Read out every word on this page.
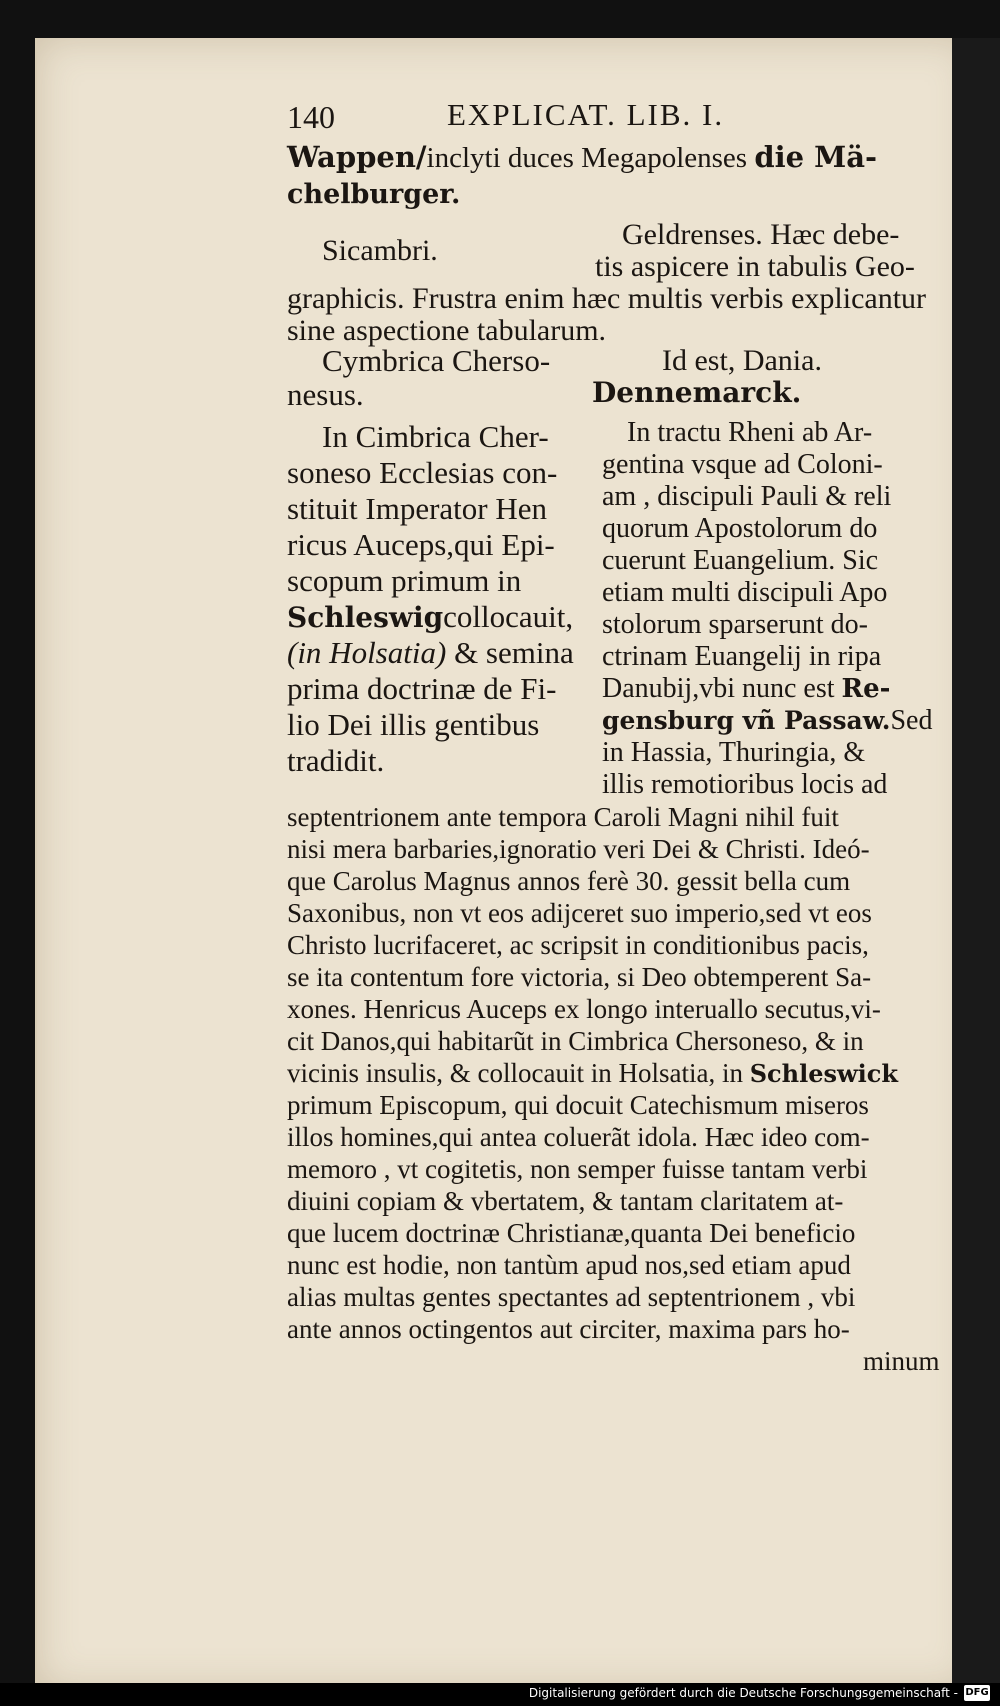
140	EXPLICAT. LIB. I.
Wappen/inclyti duces Megapolenses die Mä-
chelburger.
Sicambri.	Geldrenses. Hæc debe-
tis aspicere in tabulis Geo-
graphicis. Frustra enim hæc multis verbis explicantur
sine aspectione tabularum.
Cymbrica Cherso-
nesus.
Id est, Dania.
Dennemarck.
In Cimbrica Cher-
soneso Ecclesias con-
stituit Imperator Hen
ricus Auceps,qui Epi-
scopum primum in
Schleswigcollocauit,
(in Holsatia) & semina
prima doctrinæ de Fi-
lio Dei illis gentibus
tradidit.
In tractu Rheni ab Ar-
gentina vsque ad Coloni-
am , discipuli Pauli & reli
quorum Apostolorum do
cuerunt Euangelium. Sic
etiam multi discipuli Apo
stolorum sparserunt do-
ctrinam Euangelij in ripa
Danubij,vbi nunc est Re-
gensburg vñ Passaw.Sed
in Hassia, Thuringia, &
illis remotioribus locis ad
septentrionem ante tempora Caroli Magni nihil fuit
nisi mera barbaries,ignoratio veri Dei & Christi. Ideó-
que Carolus Magnus annos ferè 30. gessit bella cum
Saxonibus, non vt eos adijceret suo imperio,sed vt eos
Christo lucrifaceret, ac scripsit in conditionibus pacis,
se ita contentum fore victoria, si Deo obtemperent Sa-
xones. Henricus Auceps ex longo interuallo secutus,vi-
cit Danos,qui habitarũt in Cimbrica Chersoneso, & in
vicinis insulis, & collocauit in Holsatia, in Schleswick
primum Episcopum, qui docuit Catechismum miseros
illos homines,qui antea coluerãt idola. Hæc ideo com-
memoro , vt cogitetis, non semper fuisse tantam verbi
diuini copiam & vbertatem, & tantam claritatem at-
que lucem doctrinæ Christianæ,quanta Dei beneficio
nunc est hodie, non tantùm apud nos,sed etiam apud
alias multas gentes spectantes ad septentrionem , vbi
ante annos octingentos aut circiter, maxima pars ho-
minum
Digitalisierung gefördert durch die Deutsche Forschungsgemeinschaft - DFG
